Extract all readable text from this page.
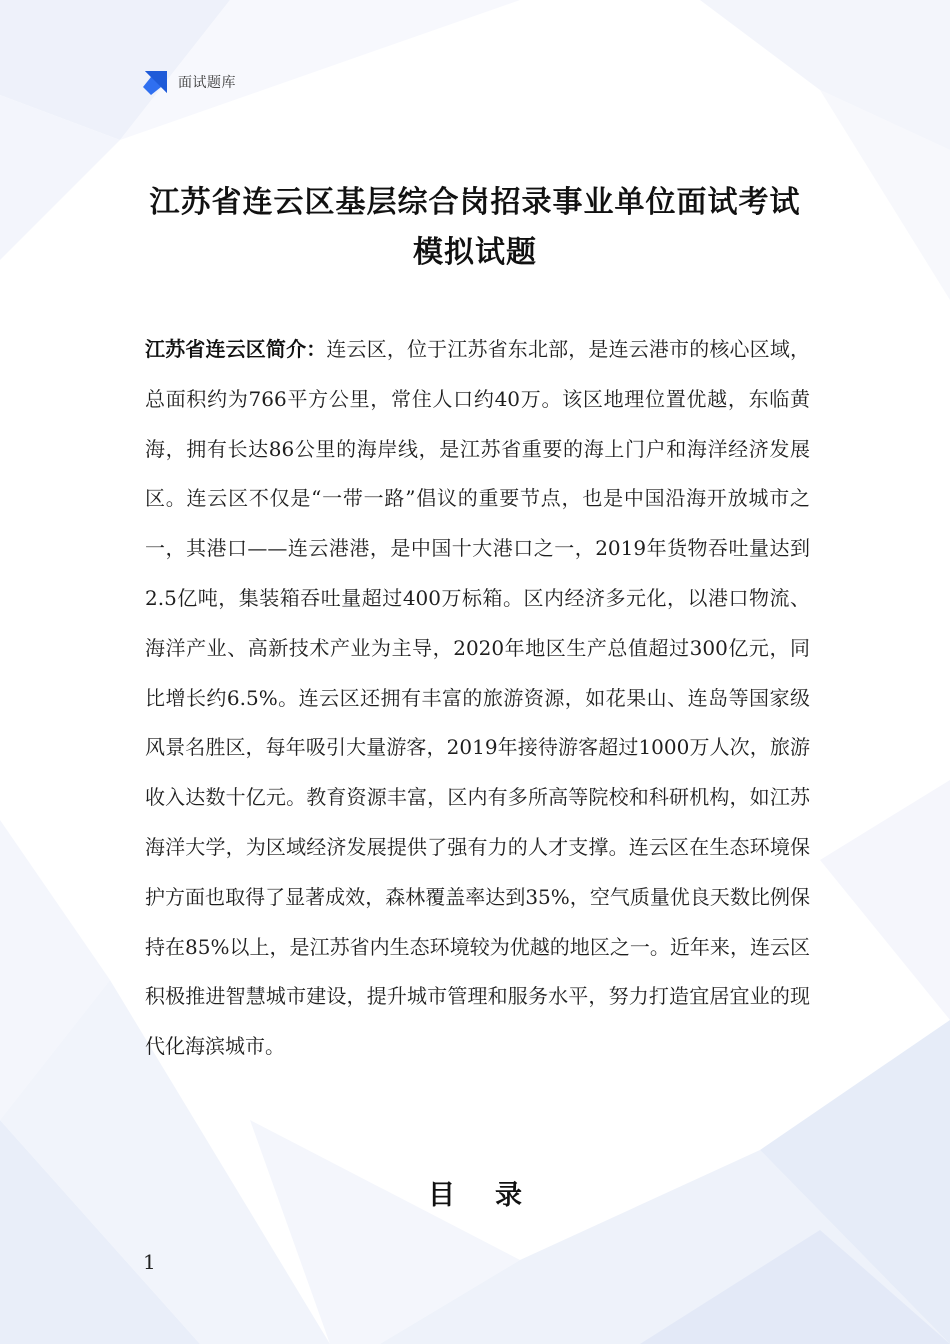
面试题库
江苏省连云区基层综合岗招录事业单位面试考试模拟试题
江苏省连云区简介：连云区，位于江苏省东北部，是连云港市的核心区域，总面积约为766平方公里，常住人口约40万。该区地理位置优越，东临黄海，拥有长达86公里的海岸线，是江苏省重要的海上门户和海洋经济发展区。连云区不仅是“一带一路”倡议的重要节点，也是中国沿海开放城市之一，其港口——连云港港，是中国十大港口之一，2019年货物吞吐量达到2.5亿吨，集装箱吞吐量超过400万标箱。区内经济多元化，以港口物流、海洋产业、高新技术产业为主导，2020年地区生产总值超过300亿元，同比增长约6.5%。连云区还拥有丰富的旅游资源，如花果山、连岛等国家级风景名胜区，每年吸引大量游客，2019年接待游客超过1000万人次，旅游收入达数十亿元。教育资源丰富，区内有多所高等院校和科研机构，如江苏海洋大学，为区域经济发展提供了强有力的人才支撑。连云区在生态环境保护方面也取得了显著成效，森林覆盖率达到35%，空气质量优良天数比例保持在85%以上，是江苏省内生态环境较为优越的地区之一。近年来，连云区积极推进智慧城市建设，提升城市管理和服务水平，努力打造宜居宜业的现代化海滨城市。
目录
1
